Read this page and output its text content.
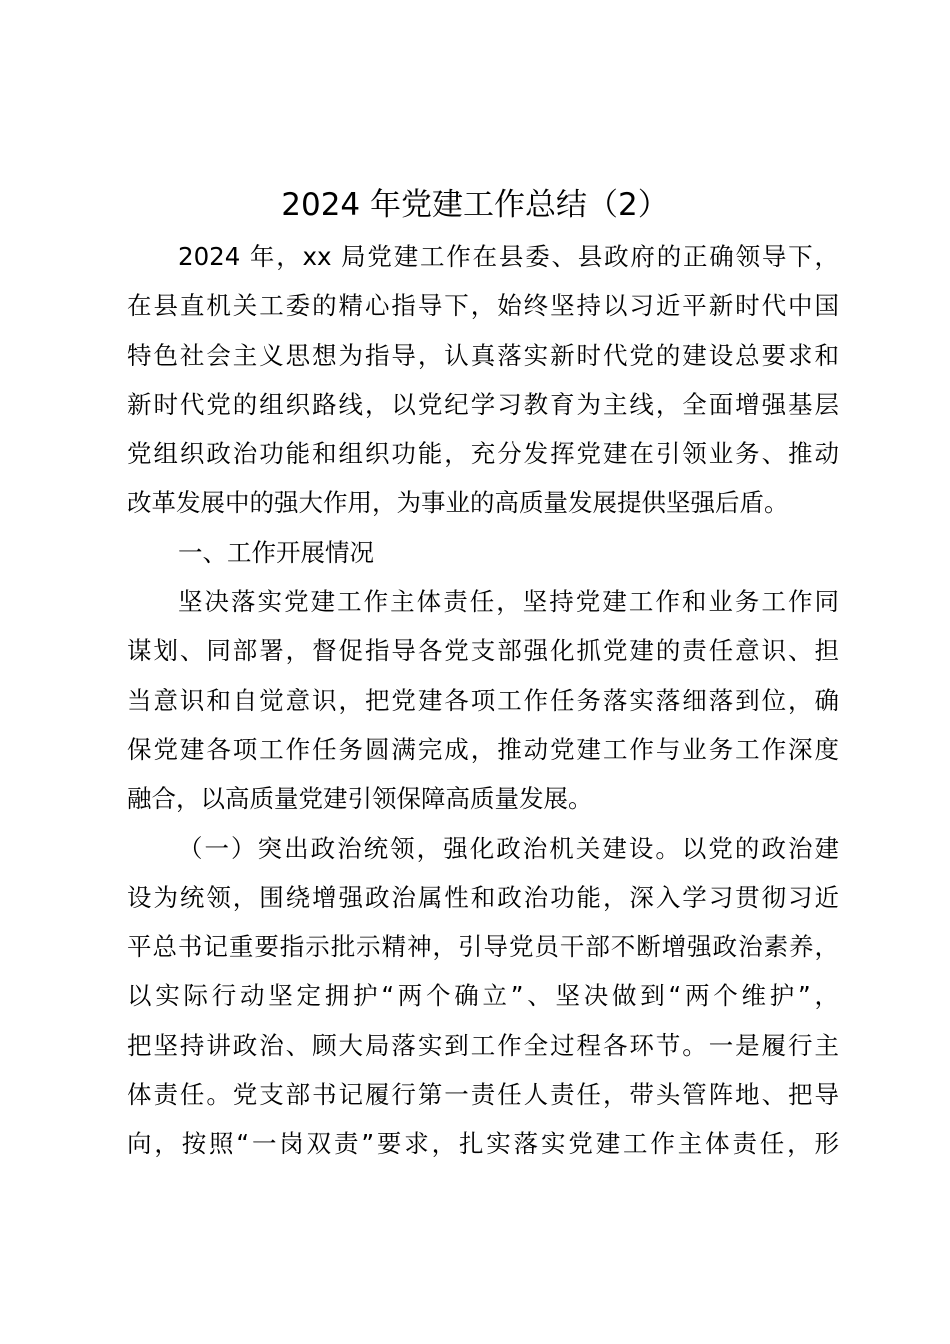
2024 年党建工作总结（2）
2024 年，xx 局党建工作在县委、县政府的正确领导下，
在县直机关工委的精心指导下，始终坚持以习近平新时代中国
特色社会主义思想为指导，认真落实新时代党的建设总要求和
新时代党的组织路线，以党纪学习教育为主线，全面增强基层
党组织政治功能和组织功能，充分发挥党建在引领业务、推动
改革发展中的强大作用，为事业的高质量发展提供坚强后盾。
一、工作开展情况
坚决落实党建工作主体责任，坚持党建工作和业务工作同
谋划、同部署，督促指导各党支部强化抓党建的责任意识、担
当意识和自觉意识，把党建各项工作任务落实落细落到位，确
保党建各项工作任务圆满完成，推动党建工作与业务工作深度
融合，以高质量党建引领保障高质量发展。
（一）突出政治统领，强化政治机关建设。以党的政治建
设为统领，围绕增强政治属性和政治功能，深入学习贯彻习近
平总书记重要指示批示精神，引导党员干部不断增强政治素养，
以实际行动坚定拥护“两个确立”、坚决做到“两个维护”，
把坚持讲政治、顾大局落实到工作全过程各环节。一是履行主
体责任。党支部书记履行第一责任人责任，带头管阵地、把导
向，按照“一岗双责”要求，扎实落实党建工作主体责任，形
